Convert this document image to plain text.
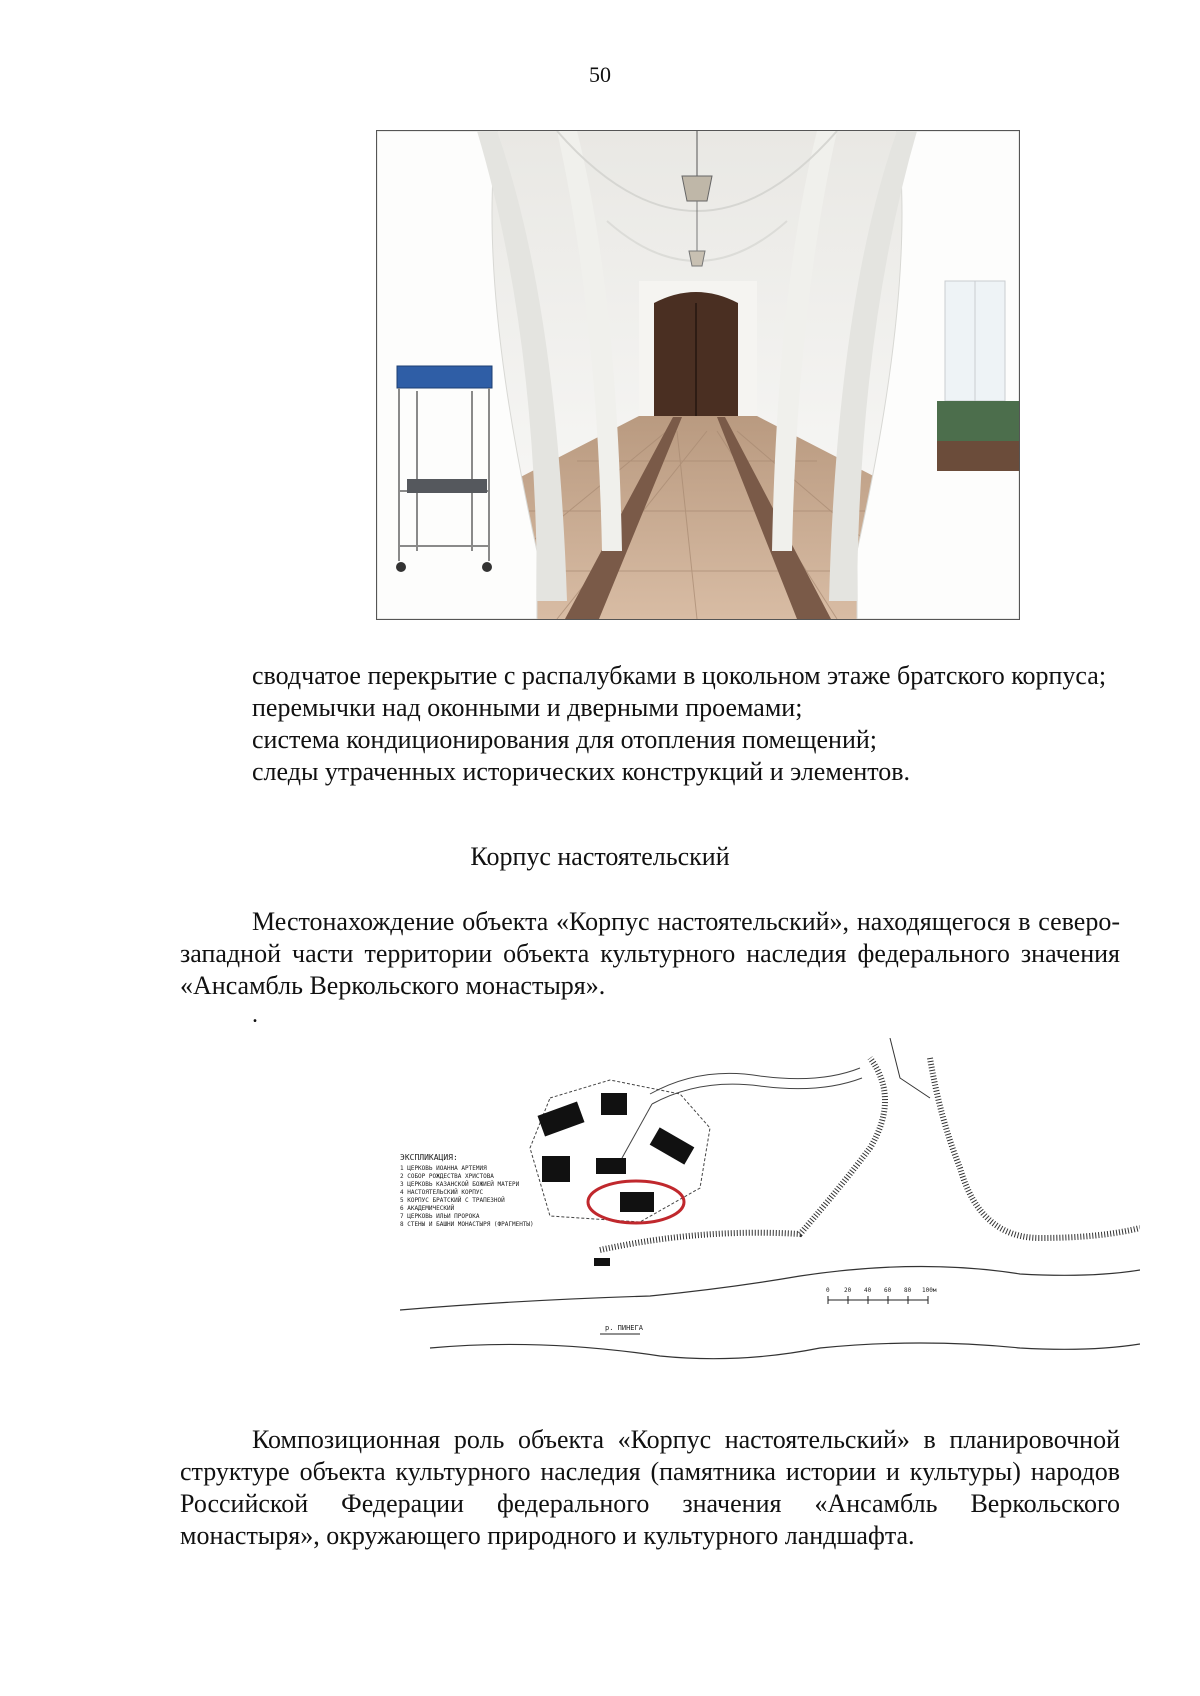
50
сводчатое перекрытие с распалубками в цокольном этаже братского корпуса;
перемычки над оконными и дверными проемами;
система кондиционирования для отопления помещений;
следы утраченных исторических конструкций и элементов.
Корпус настоятельский
Местонахождение объекта «Корпус настоятельский», находящегося в северо-западной части территории объекта культурного наследия федерального значения «Ансамбль Веркольского монастыря».
.
ЭКСПЛИКАЦИЯ:
1 ЦЕРКОВЬ ИОАННА АРТЕМИЯ
2 СОБОР РОЖДЕСТВА ХРИСТОВА
3 ЦЕРКОВЬ КАЗАНСКОЙ БОЖИЕЙ МАТЕРИ
4 НАСТОЯТЕЛЬСКИЙ КОРПУС
5 КОРПУС БРАТСКИЙ С ТРАПЕЗНОЙ
6 АКАДЕМИЧЕСКИЙ
7 ЦЕРКОВЬ ИЛЬИ ПРОРОКА
8 СТЕНЫ И БАШНИ МОНАСТЫРЯ (ФРАГМЕНТЫ)
0 20 40 60 80 100м
р. ПИНЕГА
Композиционная роль объекта «Корпус настоятельский» в планировочной структуре объекта культурного наследия (памятника истории и культуры) народов Российской Федерации федерального значения «Ансамбль Веркольского монастыря», окружающего природного и культурного ландшафта.
